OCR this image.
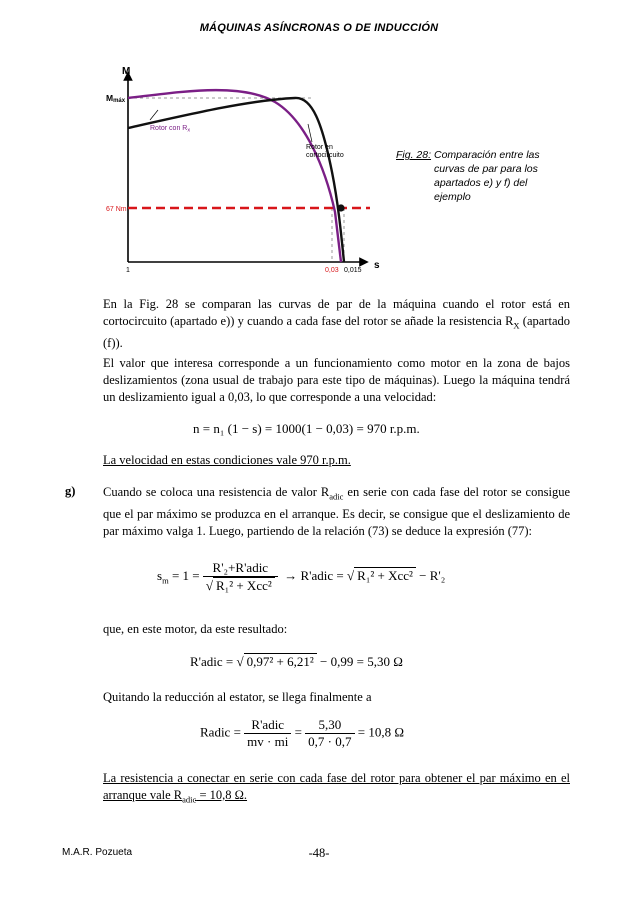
MÁQUINAS ASÍNCRONAS O DE INDUCCIÓN
M
Mmáx
67 Nm
1	0,03 0,015 s
Rotor con $R_x$
Rotor en cortocircuito	Fig. 28: Comparación entre las curvas de par para los apartados e) y f) del ejemplo
En la Fig. 28 se comparan las curvas de par de la máquina cuando el rotor está en cortocircuito (apartado e)) y cuando a cada fase del rotor se añade la resistencia $R_X$ (apartado (f)).
El valor que interesa corresponde a un funcionamiento como motor en la zona de bajos deslizamientos (zona usual de trabajo para este tipo de máquinas). Luego la máquina tendrá un deslizamiento igual a 0,03, lo que corresponde a una velocidad:
n = n₁ (1 − s) = 1000(1 − 0,03) = 970 r.p.m.
La velocidad en estas condiciones vale 970 r.p.m.
g) Cuando se coloca una resistencia de valor $R_{adic}$ en serie con cada fase del rotor se consigue que el par máximo se produzca en el arranque. Es decir, se consigue que el deslizamiento de par máximo valga 1. Luego, partiendo de la relación (73) se deduce la expresión (77):
$s_m = 1 = \frac{\text{R'₂+R'adic}}{\text{√ R₁² + Xcc²}}$ → R'adic = √ R₁² + Xcc² − R'₂
que, en este motor, da este resultado:
R'adic = √ 0,97² + 6,21² − 0,99 = 5,30 Ω
Quitando la reducción al estator, se llega finalmente a
Radic = $\frac{\text{R'adic}}{mv \cdot mi} = \frac{5,30}{0,7 \cdot 0,7} = 10,8$ Ω
La resistencia a conectar en serie con cada fase del rotor para obtener el par máximo en el arranque vale $R_{adic} = 10,8$ Ω.
M.A.R. Pozueta	-48-
